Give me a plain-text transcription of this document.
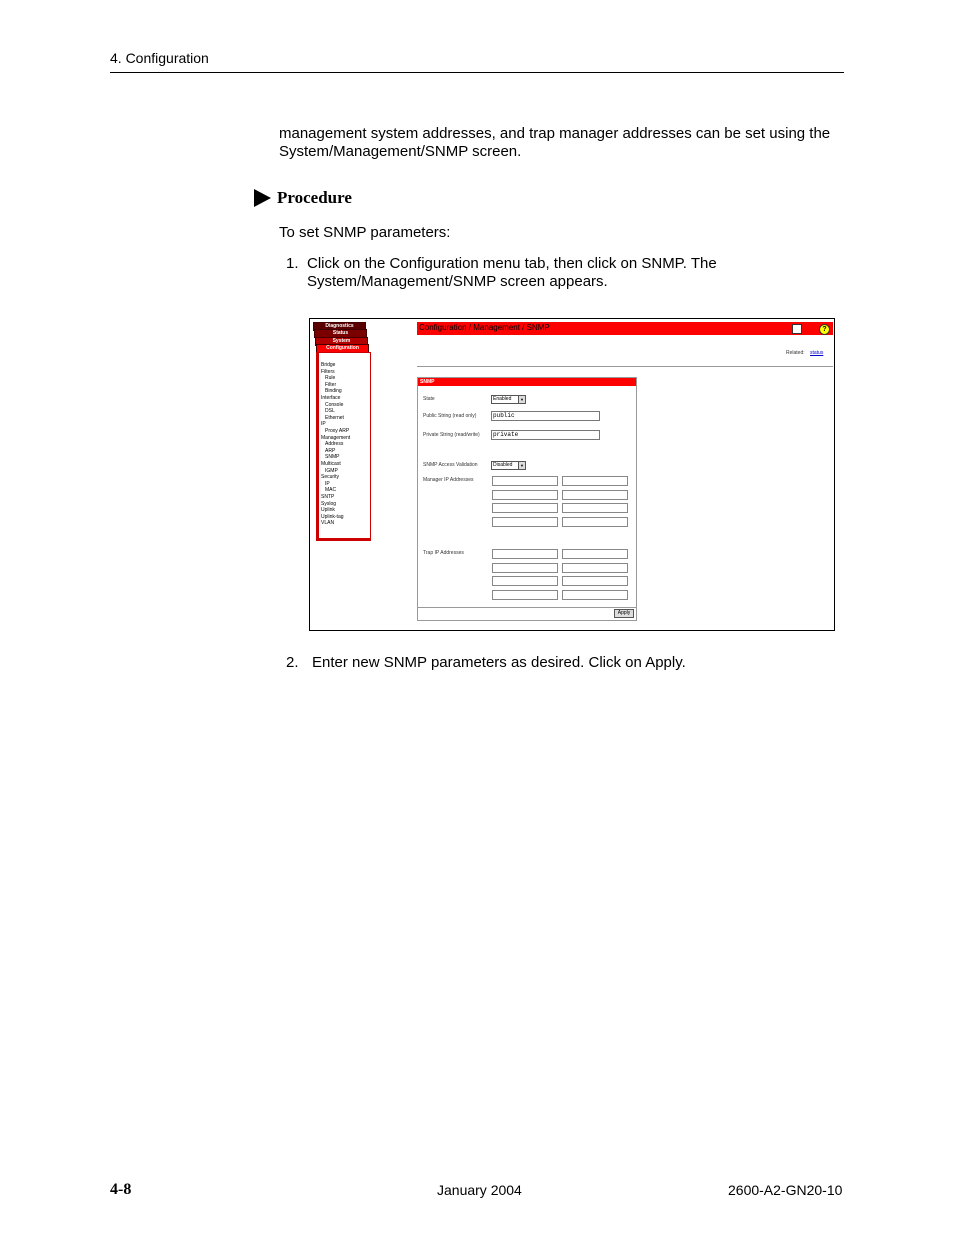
4. Configuration
management system addresses, and trap manager addresses can be set using the System/Management/SNMP screen.
Procedure
To set SNMP parameters:
1. Click on the Configuration menu tab, then click on SNMP. The System/Management/SNMP screen appears.
Diagnostics
Status
System
Configuration
Bridge
Filters
Rule
Filter
Binding
Interface
Console
DSL
Ethernet
IP
Proxy ARP
Management
Address
ARP
SNMP
Multicast
IGMP
Security
IP
MAC
SNTP
Syslog
Uplink
Uplink-tag
VLAN
Configuration / Management / SNMP	?
Related: status
SNMP
State	Enabled	▼
Public String (read only)	public
Private String (read/write)	private
SNMP Access Validation	Disabled	▼
Manager IP Addresses
Trap IP Addresses
Apply
2. Enter new SNMP parameters as desired. Click on Apply.
4-8	January 2004	2600-A2-GN20-10
